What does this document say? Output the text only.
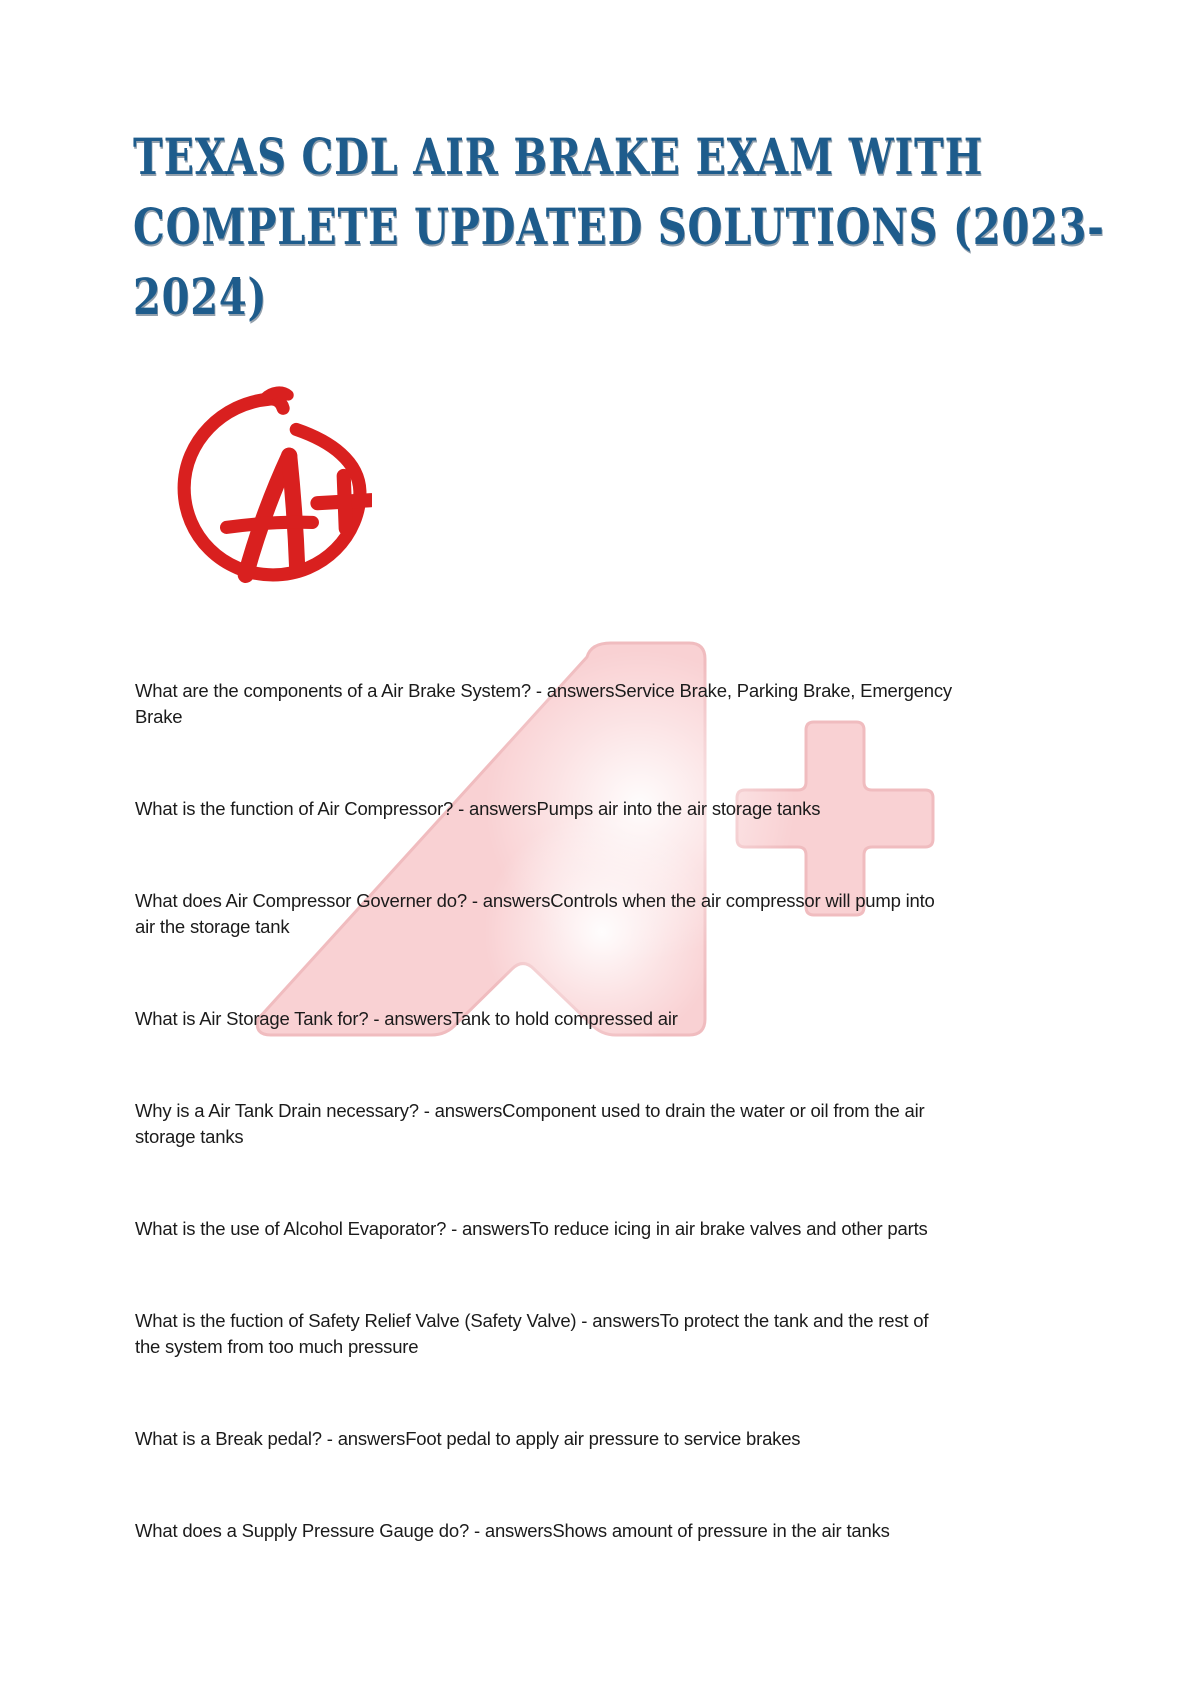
TEXAS CDL AIR BRAKE EXAM WITH
COMPLETE UPDATED SOLUTIONS (2023-
2024)
What are the components of a Air Brake System? - answersService Brake, Parking Brake, Emergency
Brake
What is the function of Air Compressor? - answersPumps air into the air storage tanks
What does Air Compressor Governer do? - answersControls when the air compressor will pump into
air the storage tank
What is Air Storage Tank for? - answersTank to hold compressed air
Why is a Air Tank Drain necessary? - answersComponent used to drain the water or oil from the air
storage tanks
What is the use of Alcohol Evaporator? - answersTo reduce icing in air brake valves and other parts
What is the fuction of Safety Relief Valve (Safety Valve) - answersTo protect the tank and the rest of
the system from too much pressure
What is a Break pedal? - answersFoot pedal to apply air pressure to service brakes
What does a Supply Pressure Gauge do? - answersShows amount of pressure in the air tanks
